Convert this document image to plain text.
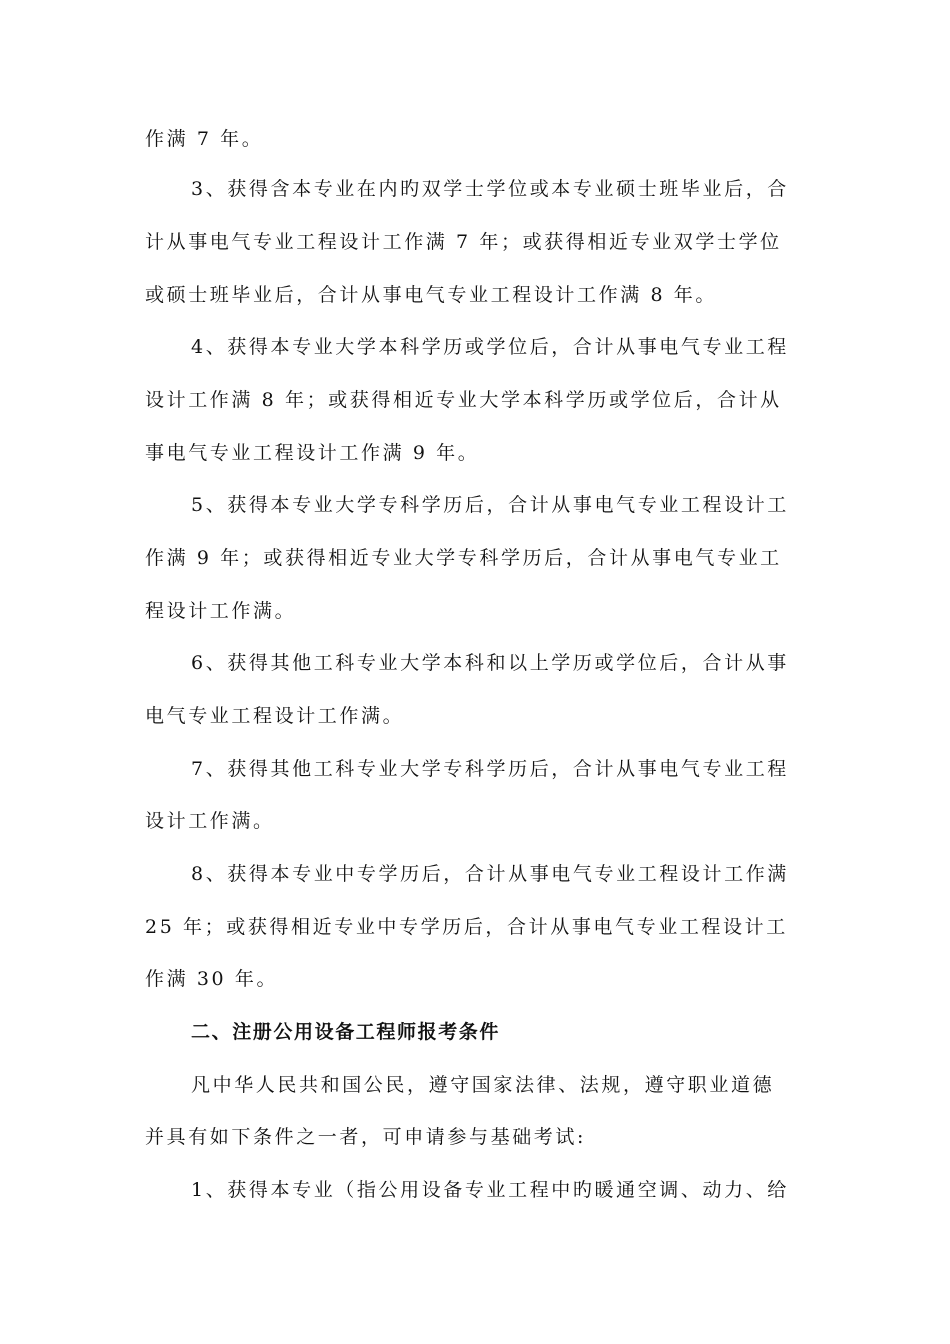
作满 7 年。
3、获得含本专业在内旳双学士学位或本专业硕士班毕业后，合
计从事电气专业工程设计工作满 7 年；或获得相近专业双学士学位
或硕士班毕业后，合计从事电气专业工程设计工作满 8 年。
4、获得本专业大学本科学历或学位后，合计从事电气专业工程
设计工作满 8 年；或获得相近专业大学本科学历或学位后，合计从
事电气专业工程设计工作满 9 年。
5、获得本专业大学专科学历后，合计从事电气专业工程设计工
作满 9 年；或获得相近专业大学专科学历后，合计从事电气专业工
程设计工作满。
6、获得其他工科专业大学本科和以上学历或学位后，合计从事
电气专业工程设计工作满。
7、获得其他工科专业大学专科学历后，合计从事电气专业工程
设计工作满。
8、获得本专业中专学历后，合计从事电气专业工程设计工作满
25 年；或获得相近专业中专学历后，合计从事电气专业工程设计工
作满 30 年。
二、注册公用设备工程师报考条件
凡中华人民共和国公民，遵守国家法律、法规，遵守职业道德
并具有如下条件之一者，可申请参与基础考试:
1、获得本专业（指公用设备专业工程中旳暖通空调、动力、给
